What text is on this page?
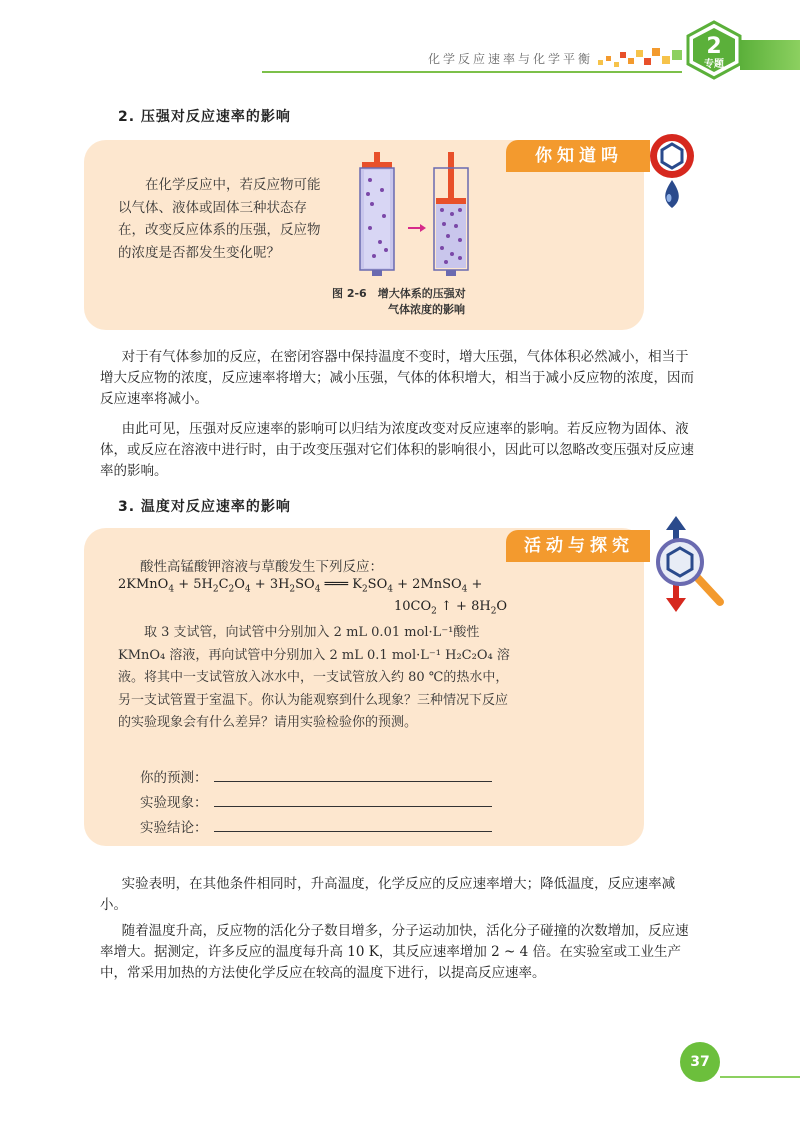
化学反应速率与化学平衡	2
专题
2. 压强对反应速率的影响
你知道吗
在化学反应中，若反应物可能以气体、液体或固体三种状态存在，改变反应体系的压强，反应物的浓度是否都发生变化呢？
图 2-6　增大体系的压强对
气体浓度的影响
对于有气体参加的反应，在密闭容器中保持温度不变时，增大压强，气体体积必然减小，相当于增大反应物的浓度，反应速率将增大；减小压强，气体的体积增大，相当于减小反应物的浓度，因而反应速率将减小。
由此可见，压强对反应速率的影响可以归结为浓度改变对反应速率的影响。若反应物为固体、液体，或反应在溶液中进行时，由于改变压强对它们体积的影响很小，因此可以忽略改变压强对反应速率的影响。
3. 温度对反应速率的影响
活动与探究
酸性高锰酸钾溶液与草酸发生下列反应：
2KMnO$_4$ + $5H_2C_2O_4 + 3H_2SO_4$ ═══ $K_2SO_4$ + 2MnSO$_4$ +
$10CO_2$ ↑ + $8H_2O$
取 3 支试管，向试管中分别加入 2 mL 0.01 mol·L⁻¹酸性 KMnO₄ 溶液，再向试管中分别加入 2 mL 0.1 mol·L⁻¹ H₂C₂O₄ 溶液。将其中一支试管放入冰水中，一支试管放入约 80 ℃的热水中，另一支试管置于室温下。你认为能观察到什么现象？三种情况下反应的实验现象会有什么差异？请用实验检验你的预测。
你的预测：
实验现象：
实验结论：
实验表明，在其他条件相同时，升高温度，化学反应的反应速率增大；降低温度，反应速率减小。
随着温度升高，反应物的活化分子数目增多，分子运动加快，活化分子碰撞的次数增加，反应速率增大。据测定，许多反应的温度每升高 10 K，其反应速率增加 2 ~ 4 倍。在实验室或工业生产中，常采用加热的方法使化学反应在较高的温度下进行，以提高反应速率。
37
